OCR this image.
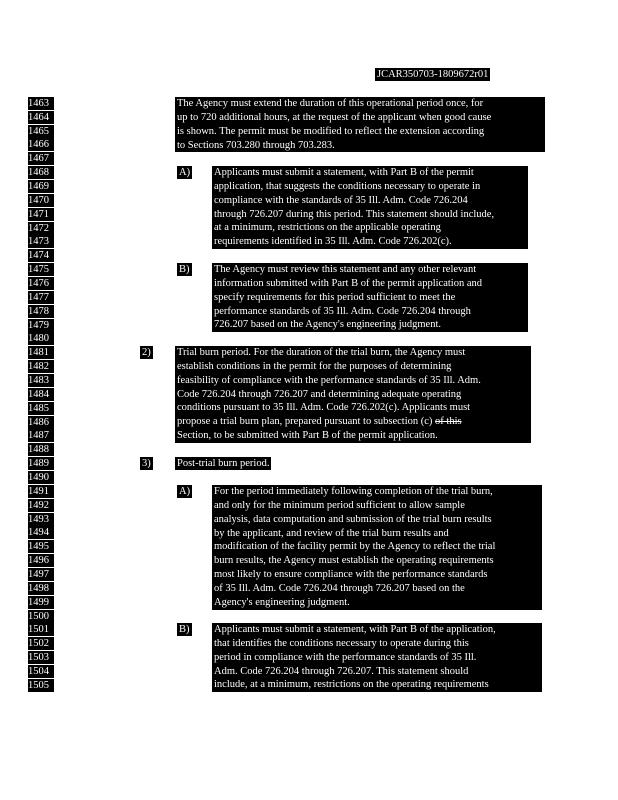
JCAR350703-1809672r01
1463
1464
1465
1466
1467
1468
1469
1470
1471
1472
1473
1474
1475
1476
1477
1478
1479
1480
1481
1482
1483
1484
1485
1486
1487
1488
1489
1490
1491
1492
1493
1494
1495
1496
1497
1498
1499
1500
1501
1502
1503
1504
1505
The Agency must extend the duration of this operational period once, for
up to 720 additional hours, at the request of the applicant when good cause
is shown. The permit must be modified to reflect the extension according
to Sections 703.280 through 703.283.
A) Applicants must submit a statement, with Part B of the permit
application, that suggests the conditions necessary to operate in
compliance with the standards of 35 Ill. Adm. Code 726.204
through 726.207 during this period. This statement should include,
at a minimum, restrictions on the applicable operating
requirements identified in 35 Ill. Adm. Code 726.202(c).
B) The Agency must review this statement and any other relevant
information submitted with Part B of the permit application and
specify requirements for this period sufficient to meet the
performance standards of 35 Ill. Adm. Code 726.204 through
726.207 based on the Agency's engineering judgment.
2)	Trial burn period. For the duration of the trial burn, the Agency must
establish conditions in the permit for the purposes of determining
feasibility of compliance with the performance standards of 35 Ill. Adm.
Code 726.204 through 726.207 and determining adequate operating
conditions pursuant to 35 Ill. Adm. Code 726.202(c). Applicants must
propose a trial burn plan, prepared pursuant to subsection (c) of this
Section, to be submitted with Part B of the permit application.
3)	Post-trial burn period.
A) For the period immediately following completion of the trial burn,
and only for the minimum period sufficient to allow sample
analysis, data computation and submission of the trial burn results
by the applicant, and review of the trial burn results and
modification of the facility permit by the Agency to reflect the trial
burn results, the Agency must establish the operating requirements
most likely to ensure compliance with the performance standards
of 35 Ill. Adm. Code 726.204 through 726.207 based on the
Agency's engineering judgment.
B) Applicants must submit a statement, with Part B of the application,
that identifies the conditions necessary to operate during this
period in compliance with the performance standards of 35 Ill.
Adm. Code 726.204 through 726.207. This statement should
include, at a minimum, restrictions on the operating requirements
